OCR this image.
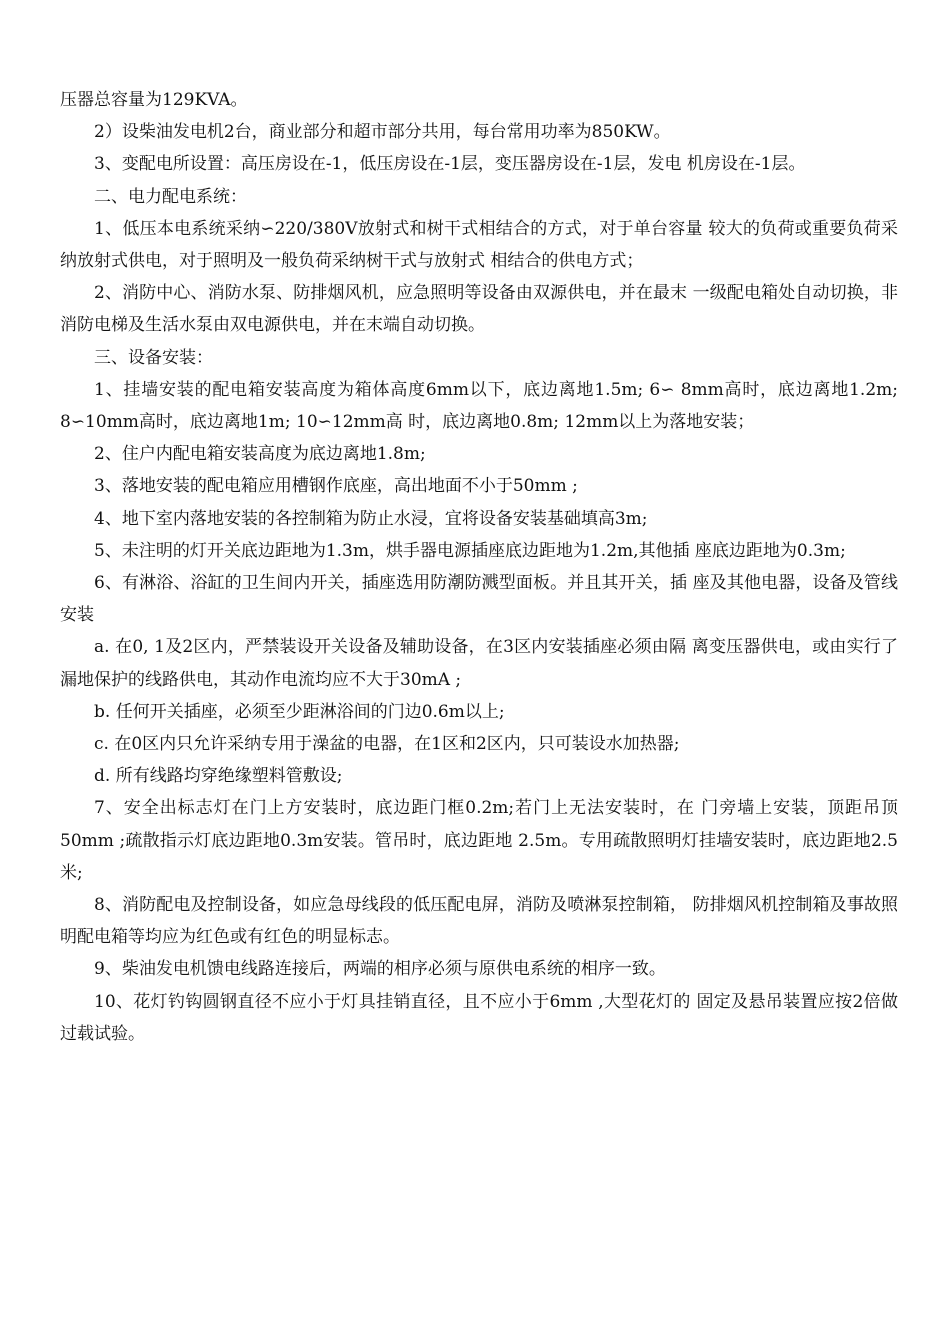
压器总容量为129KVA。

2）设柴油发电机2台，商业部分和超市部分共用，每台常用功率为850KW。

3、变配电所设置：高压房设在-1，低压房设在-1层，变压器房设在-1层，发电 机房设在-1层。

二、电力配电系统：

1、低压本电系统采纳∽220/380V放射式和树干式相结合的方式，对于单台容量 较大的负荷或重要负荷采纳放射式供电，对于照明及一般负荷采纳树干式与放射式 相结合的供电方式；

2、消防中心、消防水泵、防排烟风机，应急照明等设备由双源供电，并在最末 一级配电箱处自动切换，非消防电梯及生活水泵由双电源供电，并在末端自动切换。

三、设备安装：

1、挂墙安装的配电箱安装高度为箱体高度6mm以下，底边离地1.5m; 6∽ 8mm高时，底边离地1.2m; 8∽10mm高时，底边离地1m; 10∽12mm高 时，底边离地0.8m; 12mm以上为落地安装；

2、住户内配电箱安装高度为底边离地1.8m;

3、落地安装的配电箱应用槽钢作底座，高出地面不小于50mm ;

4、地下室内落地安装的各控制箱为防止水浸，宜将设备安装基础填高3m;

5、未注明的灯开关底边距地为1.3m，烘手器电源插座底边距地为1.2m,其他插 座底边距地为0.3m;

6、有淋浴、浴缸的卫生间内开关，插座选用防潮防溅型面板。并且其开关，插 座及其他电器，设备及管线安装

a. 在0, 1及2区内，严禁装设开关设备及辅助设备，在3区内安装插座必须由隔 离变压器供电，或由实行了漏地保护的线路供电，其动作电流均应不大于30mA ;

b. 任何开关插座，必须至少距淋浴间的门边0.6m以上;

c. 在0区内只允许采纳专用于澡盆的电器，在1区和2区内，只可装设水加热器;

d. 所有线路均穿绝缘塑料管敷设;

7、安全出标志灯在门上方安装时，底边距门框0.2m;若门上无法安装时，在 门旁墙上安装，顶距吊顶50mm ;疏散指示灯底边距地0.3m安装。管吊时，底边距地 2.5m。专用疏散照明灯挂墙安装时，底边距地2.5米;

8、消防配电及控制设备，如应急母线段的低压配电屏，消防及喷淋泵控制箱， 防排烟风机控制箱及事故照明配电箱等均应为红色或有红色的明显标志。

9、柴油发电机馈电线路连接后，两端的相序必须与原供电系统的相序一致。

10、花灯钓钩圆钢直径不应小于灯具挂销直径，且不应小于6mm ,大型花灯的 固定及悬吊装置应按2倍做过载试验。
